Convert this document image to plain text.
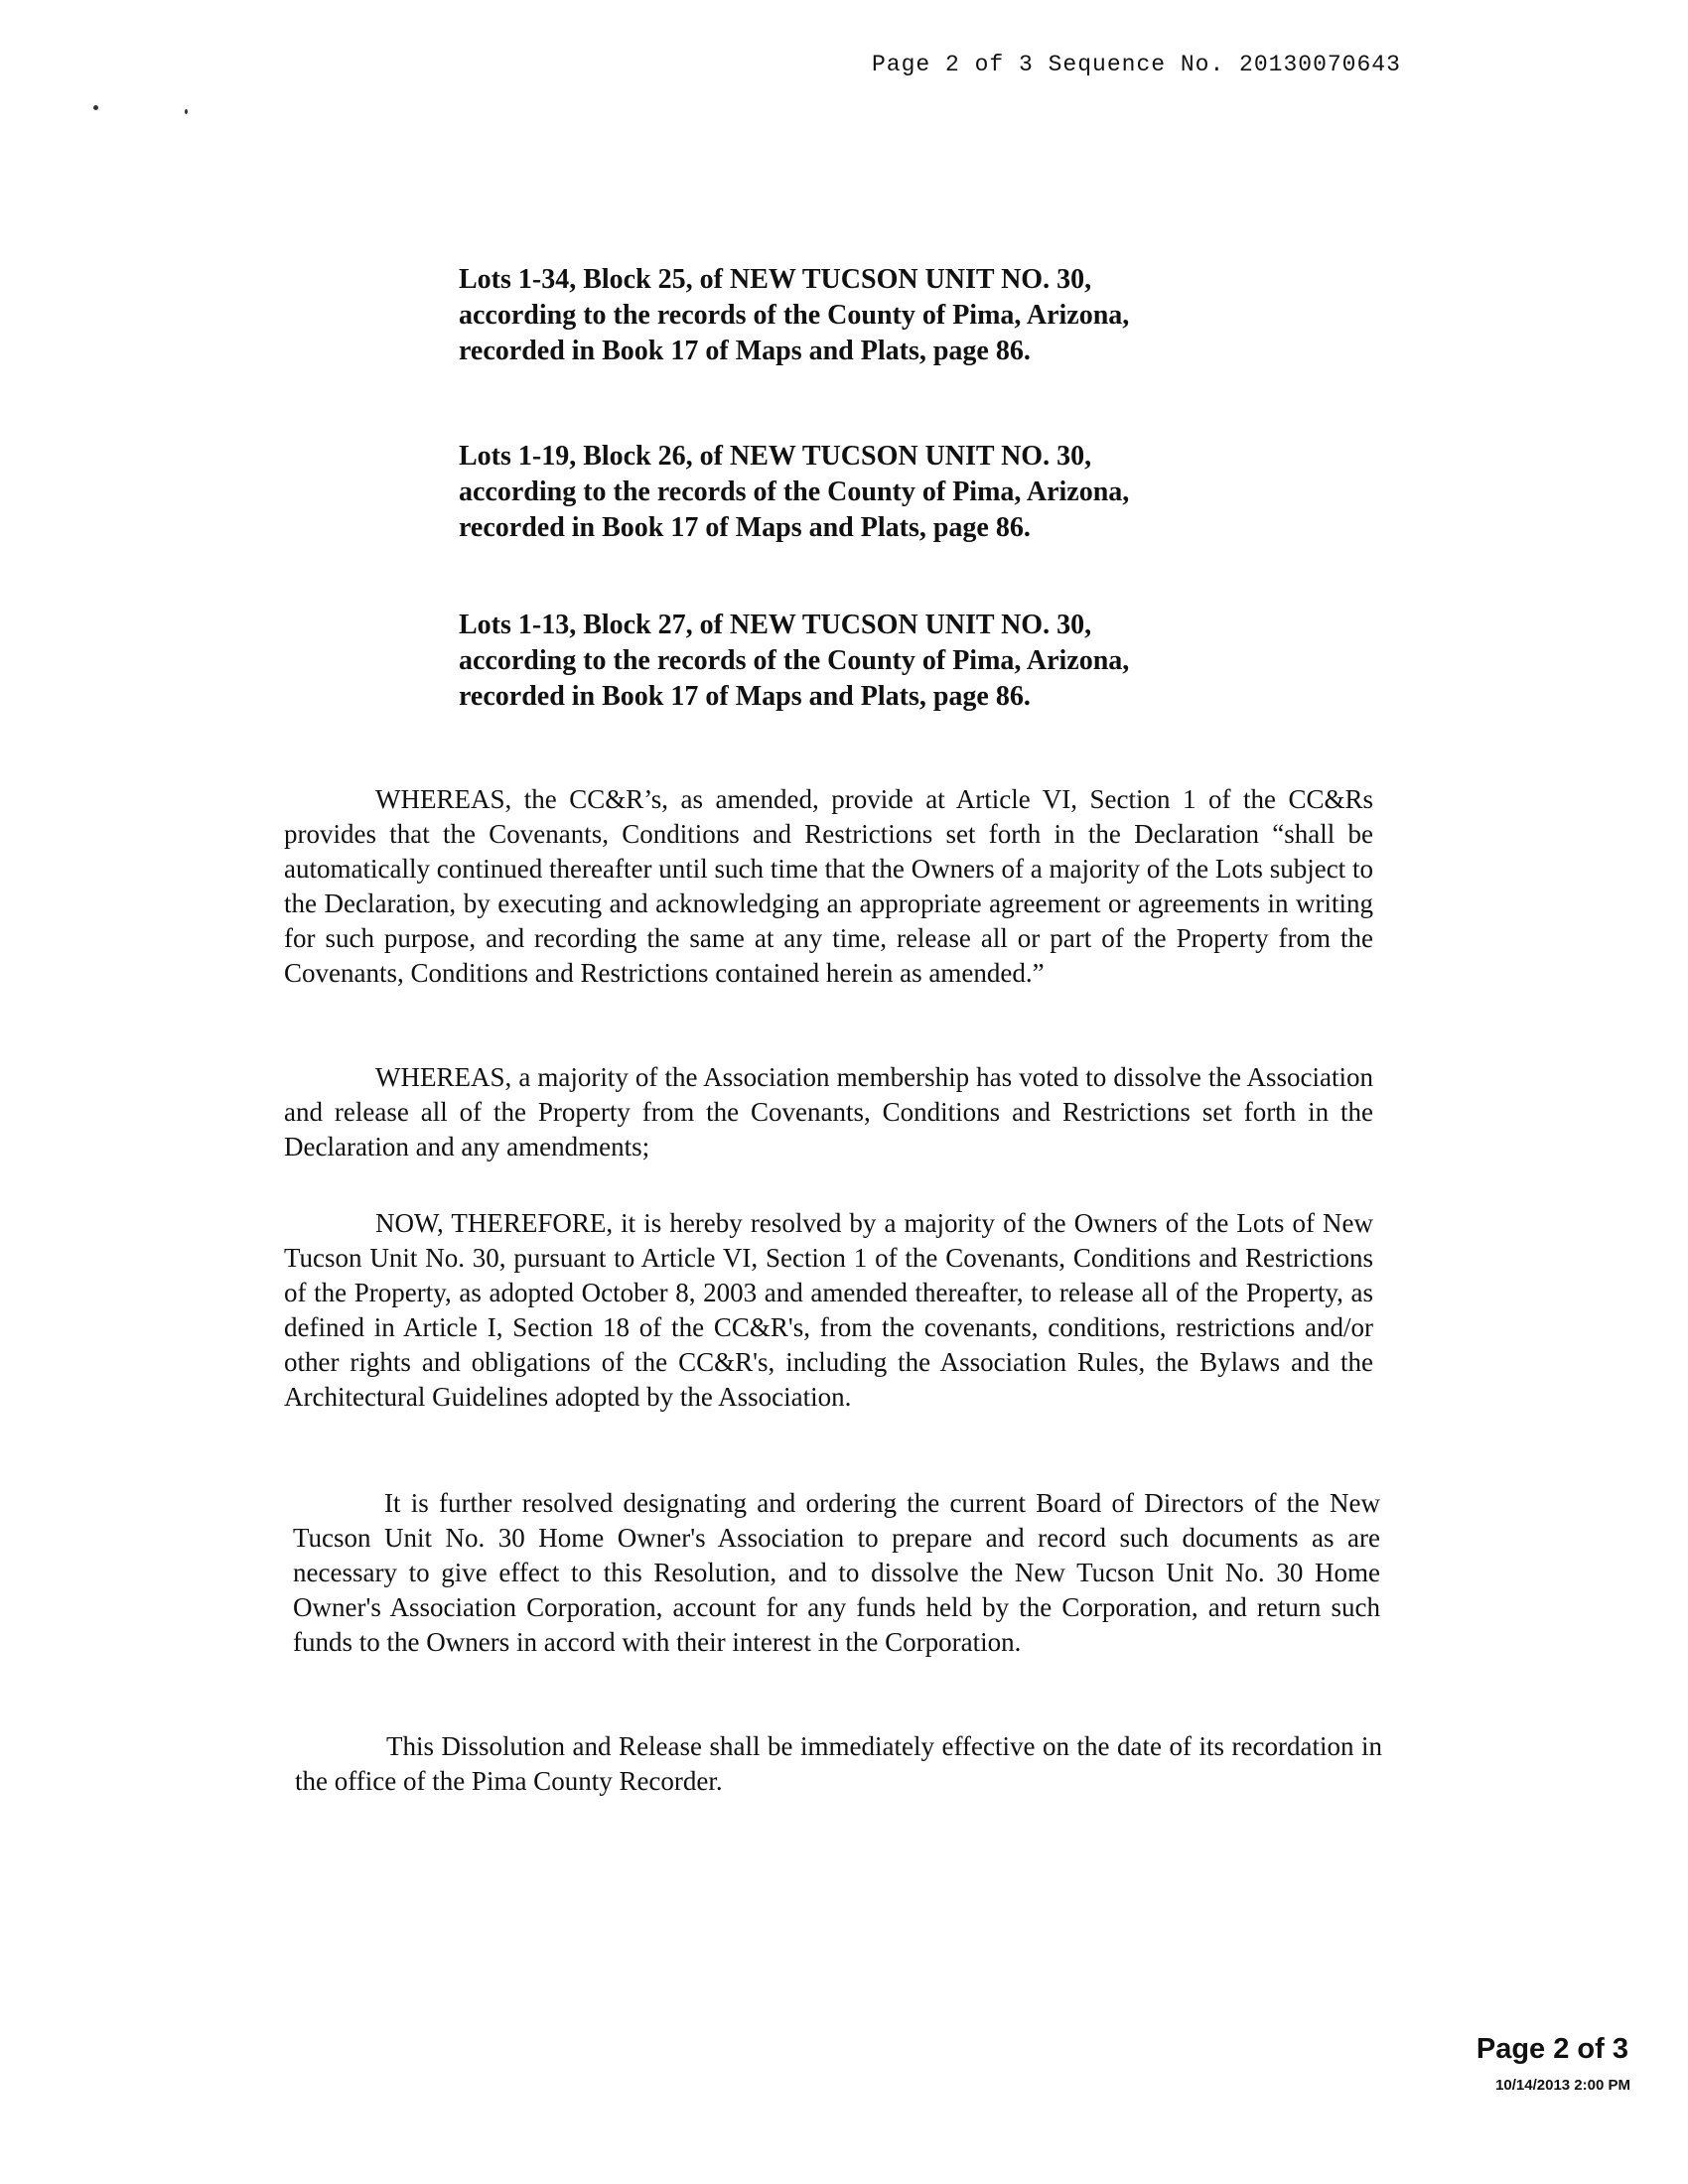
Page 2 of 3 Sequence No. 20130070643

Lots 1-34, Block 25, of NEW TUCSON UNIT NO. 30, according to the records of the County of Pima, Arizona, recorded in Book 17 of Maps and Plats, page 86.

Lots 1-19, Block 26, of NEW TUCSON UNIT NO. 30, according to the records of the County of Pima, Arizona, recorded in Book 17 of Maps and Plats, page 86.

Lots 1-13, Block 27, of NEW TUCSON UNIT NO. 30, according to the records of the County of Pima, Arizona, recorded in Book 17 of Maps and Plats, page 86.

WHEREAS, the CC&R’s, as amended, provide at Article VI, Section 1 of the CC&Rs provides that the Covenants, Conditions and Restrictions set forth in the Declaration “shall be automatically continued thereafter until such time that the Owners of a majority of the Lots subject to the Declaration, by executing and acknowledging an appropriate agreement or agreements in writing for such purpose, and recording the same at any time, release all or part of the Property from the Covenants, Conditions and Restrictions contained herein as amended.”

WHEREAS, a majority of the Association membership has voted to dissolve the Association and release all of the Property from the Covenants, Conditions and Restrictions set forth in the Declaration and any amendments;

NOW, THEREFORE, it is hereby resolved by a majority of the Owners of the Lots of New Tucson Unit No. 30, pursuant to Article VI, Section 1 of the Covenants, Conditions and Restrictions of the Property, as adopted October 8, 2003 and amended thereafter, to release all of the Property, as defined in Article I, Section 18 of the CC&R's, from the covenants, conditions, restrictions and/or other rights and obligations of the CC&R's, including the Association Rules, the Bylaws and the Architectural Guidelines adopted by the Association.

It is further resolved designating and ordering the current Board of Directors of the New Tucson Unit No. 30 Home Owner's Association to prepare and record such documents as are necessary to give effect to this Resolution, and to dissolve the New Tucson Unit No. 30 Home Owner's Association Corporation, account for any funds held by the Corporation, and return such funds to the Owners in accord with their interest in the Corporation.

This Dissolution and Release shall be immediately effective on the date of its recordation in the office of the Pima County Recorder.

Page 2 of 3
10/14/2013 2:00 PM
